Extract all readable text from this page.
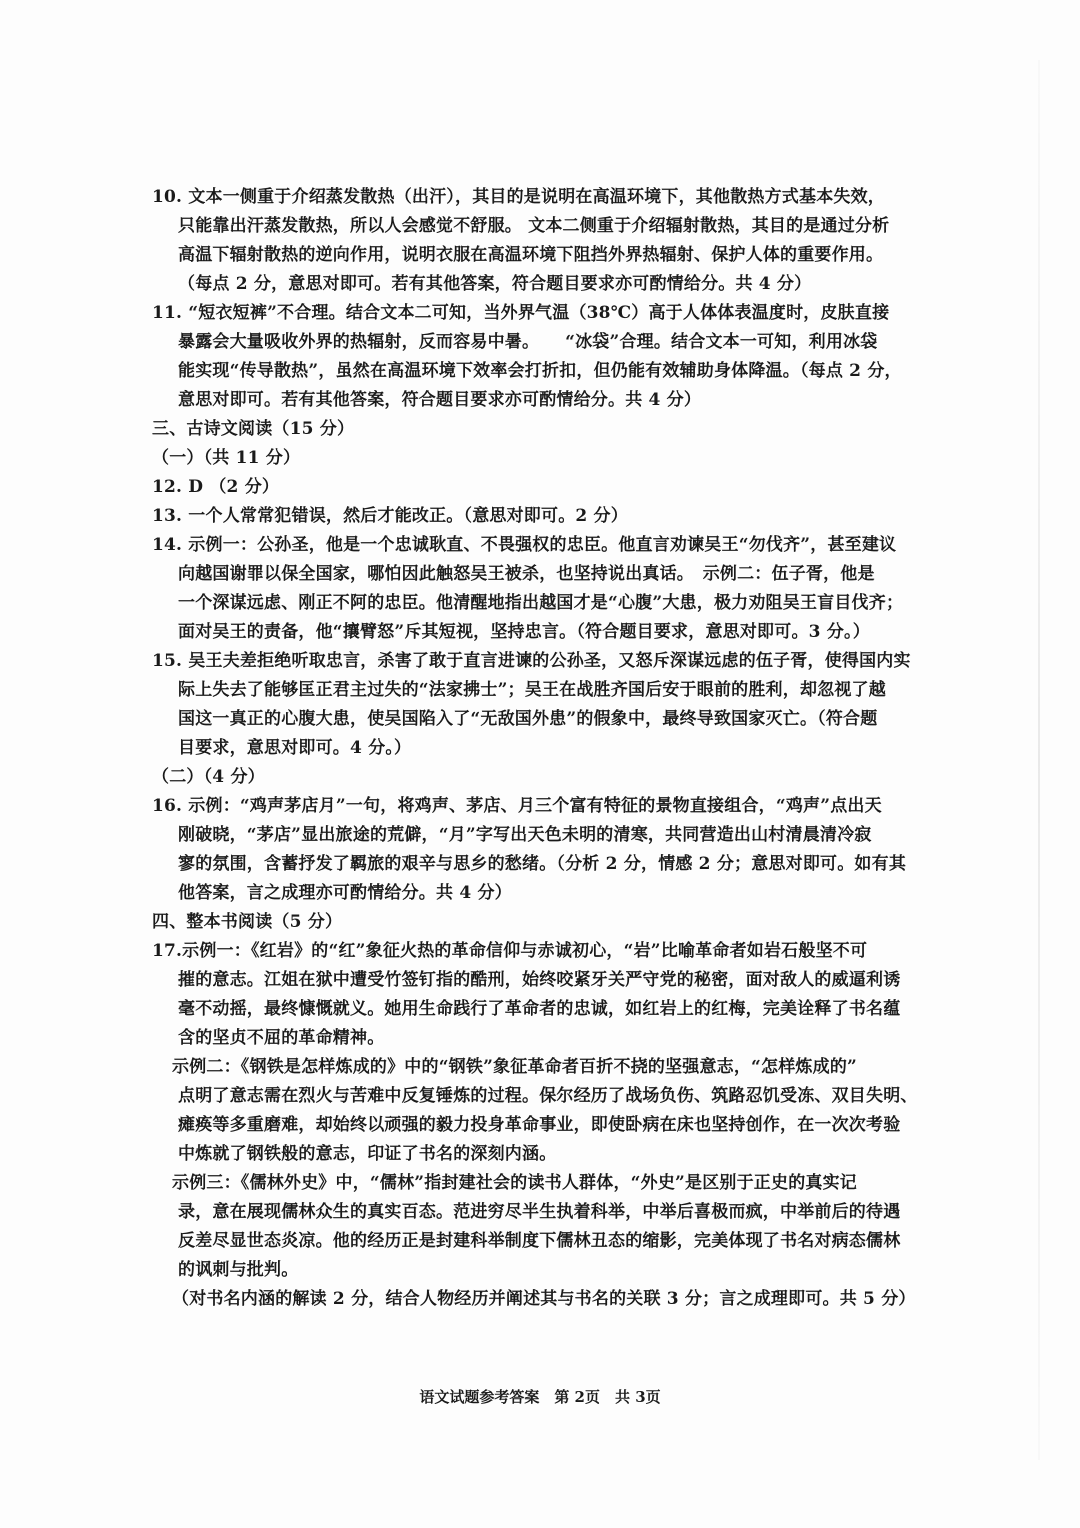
10. 文本一侧重于介绍蒸发散热（出汗），其目的是说明在高温环境下，其他散热方式基本失效，
只能靠出汗蒸发散热，所以人会感觉不舒服。 文本二侧重于介绍辐射散热，其目的是通过分析
高温下辐射散热的逆向作用，说明衣服在高温环境下阻挡外界热辐射、保护人体的重要作用。
（每点 2 分，意思对即可。若有其他答案，符合题目要求亦可酌情给分。共 4 分）
11. “短衣短裤”不合理。结合文本二可知，当外界气温（38℃）高于人体体表温度时，皮肤直接
暴露会大量吸收外界的热辐射，反而容易中暑。　　“冰袋”合理。结合文本一可知，利用冰袋
能实现“传导散热”，虽然在高温环境下效率会打折扣，但仍能有效辅助身体降温。（每点 2 分，
意思对即可。若有其他答案，符合题目要求亦可酌情给分。共 4 分）
三、古诗文阅读（15 分）
（一）（共 11 分）
12. D （2 分）
13. 一个人常常犯错误，然后才能改正。（意思对即可。2 分）
14. 示例一：公孙圣，他是一个忠诚耿直、不畏强权的忠臣。他直言劝谏吴王“勿伐齐”，甚至建议
向越国谢罪以保全国家，哪怕因此触怒吴王被杀，也坚持说出真话。　示例二：伍子胥，他是
一个深谋远虑、刚正不阿的忠臣。他清醒地指出越国才是“心腹”大患，极力劝阻吴王盲目伐齐；
面对吴王的责备，他“攘臂怒”斥其短视，坚持忠言。（符合题目要求，意思对即可。3 分。）
15. 吴王夫差拒绝听取忠言，杀害了敢于直言进谏的公孙圣，又怒斥深谋远虑的伍子胥，使得国内实
际上失去了能够匡正君主过失的“法家拂士”；吴王在战胜齐国后安于眼前的胜利，却忽视了越
国这一真正的心腹大患，使吴国陷入了“无敌国外患”的假象中，最终导致国家灭亡。（符合题
目要求，意思对即可。4 分。）
（二）（4 分）
16. 示例：“鸡声茅店月”一句，将鸡声、茅店、月三个富有特征的景物直接组合，“鸡声”点出天
刚破晓，“茅店”显出旅途的荒僻，“月”字写出天色未明的清寒，共同营造出山村清晨清冷寂
寥的氛围，含蓄抒发了羁旅的艰辛与思乡的愁绪。（分析 2 分，情感 2 分；意思对即可。如有其
他答案，言之成理亦可酌情给分。共 4 分）
四、整本书阅读（5 分）
17.示例一：《红岩》的“红”象征火热的革命信仰与赤诚初心，“岩”比喻革命者如岩石般坚不可
摧的意志。江姐在狱中遭受竹签钉指的酷刑，始终咬紧牙关严守党的秘密，面对敌人的威逼利诱
毫不动摇，最终慷慨就义。她用生命践行了革命者的忠诚，如红岩上的红梅，完美诠释了书名蕴
含的坚贞不屈的革命精神。
示例二：《钢铁是怎样炼成的》中的“钢铁”象征革命者百折不挠的坚强意志，“怎样炼成的”
点明了意志需在烈火与苦难中反复锤炼的过程。保尔经历了战场负伤、筑路忍饥受冻、双目失明、
瘫痪等多重磨难，却始终以顽强的毅力投身革命事业，即使卧病在床也坚持创作，在一次次考验
中炼就了钢铁般的意志，印证了书名的深刻内涵。
示例三：《儒林外史》中，“儒林”指封建社会的读书人群体，“外史”是区别于正史的真实记
录，意在展现儒林众生的真实百态。范进穷尽半生执着科举，中举后喜极而疯，中举前后的待遇
反差尽显世态炎凉。他的经历正是封建科举制度下儒林丑态的缩影，完美体现了书名对病态儒林
的讽刺与批判。
（对书名内涵的解读 2 分，结合人物经历并阐述其与书名的关联 3 分；言之成理即可。共 5 分）
语文试题参考答案　第 2页　共 3页
